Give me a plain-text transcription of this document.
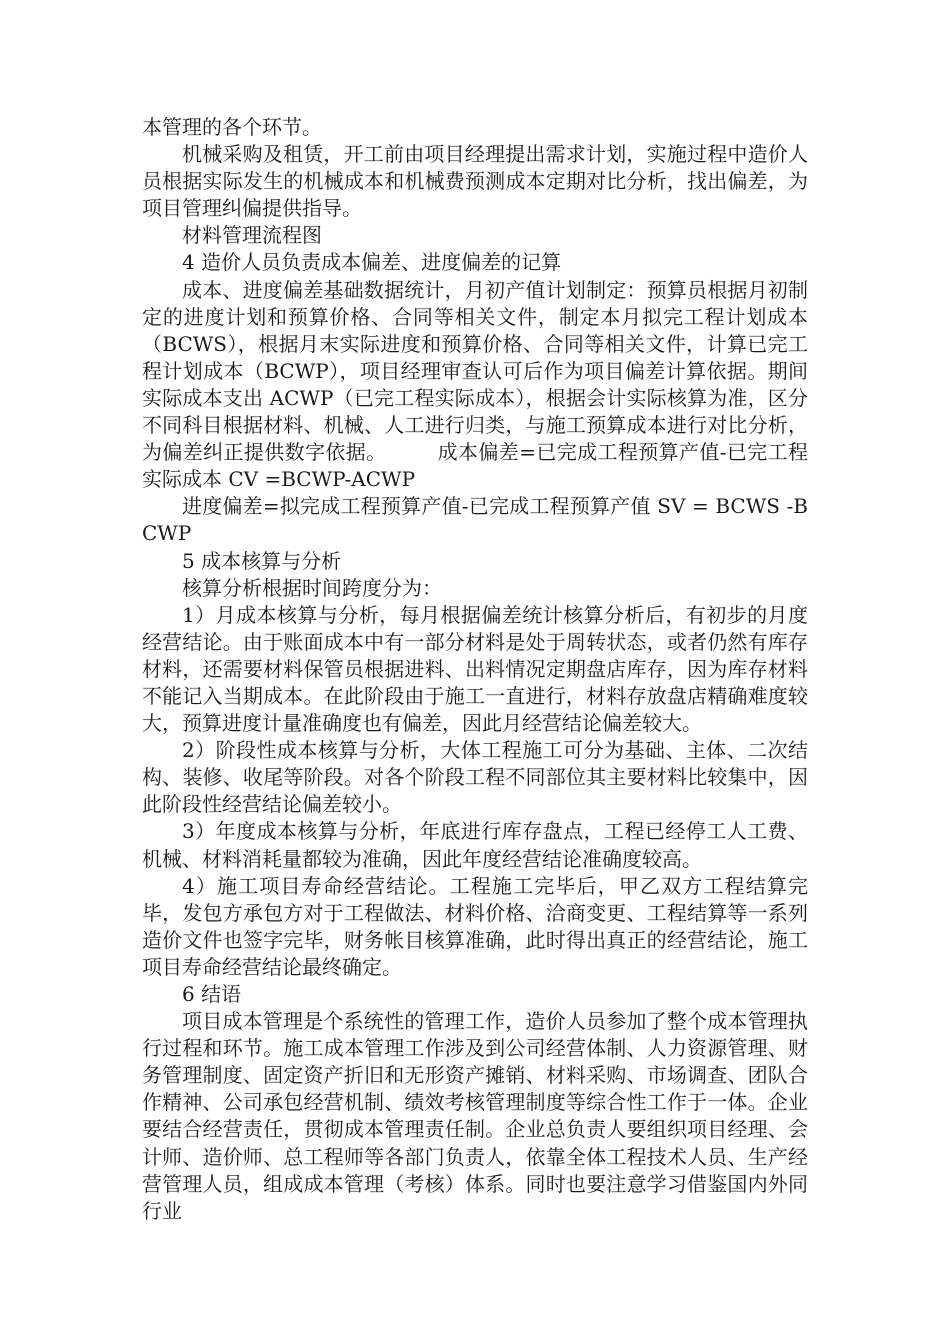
本管理的各个环节。

机械采购及租赁，开工前由项目经理提出需求计划，实施过程中造价人员根据实际发生的机械成本和机械费预测成本定期对比分析，找出偏差，为项目管理纠偏提供指导。

材料管理流程图

4 造价人员负责成本偏差、进度偏差的记算

成本、进度偏差基础数据统计，月初产值计划制定：预算员根据月初制定的进度计划和预算价格、合同等相关文件，制定本月拟完工程计划成本（BCWS），根据月末实际进度和预算价格、合同等相关文件，计算已完工程计划成本（BCWP），项目经理审查认可后作为项目偏差计算依据。期间实际成本支出 ACWP（已完工程实际成本），根据会计实际核算为准，区分不同科目根据材料、机械、人工进行归类，与施工预算成本进行对比分析，为偏差纠正提供数字依据。　　　成本偏差=已完成工程预算产值-已完工程实际成本 CV =BCWP-ACWP

进度偏差=拟完成工程预算产值-已完成工程预算产值 SV = BCWS -BCWP

5 成本核算与分析

核算分析根据时间跨度分为：

1）月成本核算与分析，每月根据偏差统计核算分析后，有初步的月度经营结论。由于账面成本中有一部分材料是处于周转状态，或者仍然有库存材料，还需要材料保管员根据进料、出料情况定期盘店库存，因为库存材料不能记入当期成本。在此阶段由于施工一直进行，材料存放盘店精确难度较大，预算进度计量准确度也有偏差，因此月经营结论偏差较大。

2）阶段性成本核算与分析，大体工程施工可分为基础、主体、二次结构、装修、收尾等阶段。对各个阶段工程不同部位其主要材料比较集中，因此阶段性经营结论偏差较小。

3）年度成本核算与分析，年底进行库存盘点，工程已经停工人工费、机械、材料消耗量都较为准确，因此年度经营结论准确度较高。

4）施工项目寿命经营结论。工程施工完毕后，甲乙双方工程结算完毕，发包方承包方对于工程做法、材料价格、洽商变更、工程结算等一系列造价文件也签字完毕，财务帐目核算准确，此时得出真正的经营结论，施工项目寿命经营结论最终确定。

6 结语

项目成本管理是个系统性的管理工作，造价人员参加了整个成本管理执行过程和环节。施工成本管理工作涉及到公司经营体制、人力资源管理、财务管理制度、固定资产折旧和无形资产摊销、材料采购、市场调查、团队合作精神、公司承包经营机制、绩效考核管理制度等综合性工作于一体。企业要结合经营责任，贯彻成本管理责任制。企业总负责人要组织项目经理、会计师、造价师、总工程师等各部门负责人，依靠全体工程技术人员、生产经营管理人员，组成成本管理（考核）体系。同时也要注意学习借鉴国内外同行业
